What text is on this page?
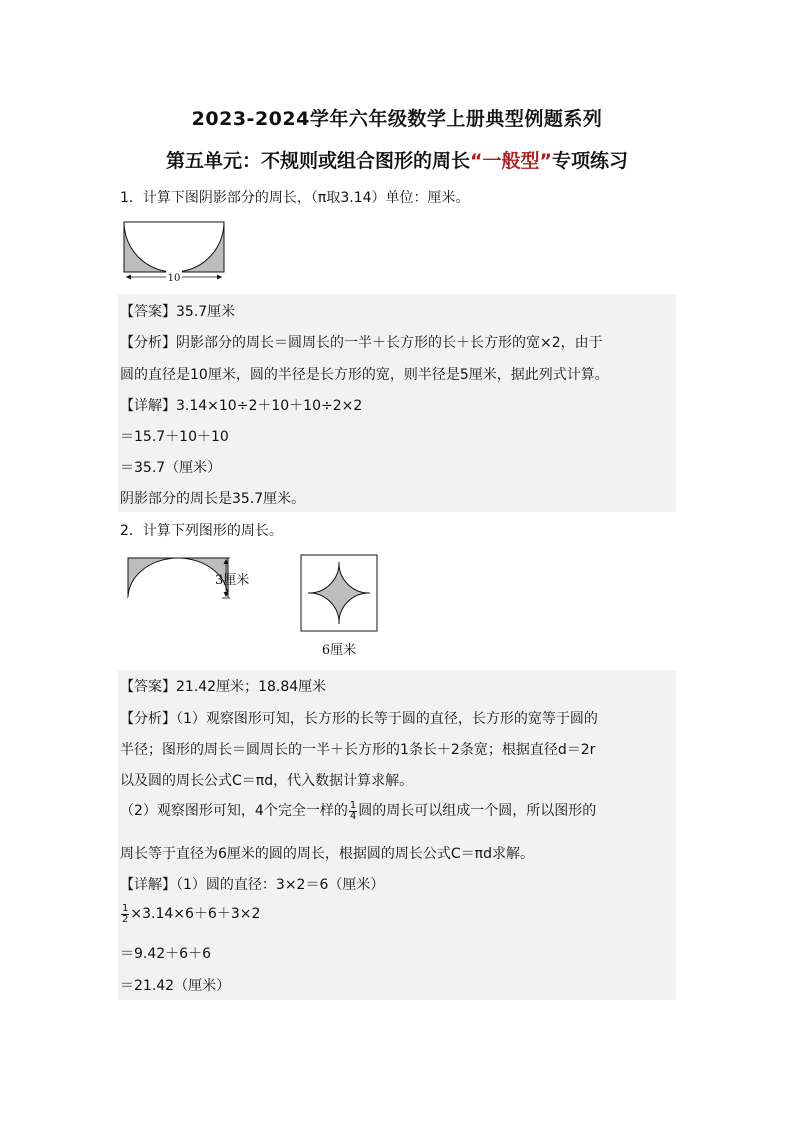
2023-2024学年六年级数学上册典型例题系列
第五单元：不规则或组合图形的周长“一般型”专项练习
1．计算下图阴影部分的周长，（π取3.14）单位：厘米。
10
【答案】35.7厘米
【分析】阴影部分的周长＝圆周长的一半＋长方形的长＋长方形的宽×2，由于
圆的直径是10厘米，圆的半径是长方形的宽，则半径是5厘米，据此列式计算。
【详解】3.14×10÷2＋10＋10÷2×2
＝15.7＋10＋10
＝35.7（厘米）
阴影部分的周长是35.7厘米。
2．计算下列图形的周长。
3厘米
6厘米
【答案】21.42厘米；18.84厘米
【分析】（1）观察图形可知，长方形的长等于圆的直径，长方形的宽等于圆的
半径；图形的周长＝圆周长的一半＋长方形的1条长＋2条宽；根据直径d＝2r
以及圆的周长公式C＝πd，代入数据计算求解。
（2）观察图形可知，4个完全一样的 $\frac{1}{4}$ 圆的周长可以组成一个圆，所以图形的
周长等于直径为6厘米的圆的周长，根据圆的周长公式C＝πd求解。
【详解】（1）圆的直径：3×2＝6（厘米）
$\frac{1}{2} \times 3.14\times 6+6+3\times 2$
＝9.42＋6＋6
＝21.42（厘米）
